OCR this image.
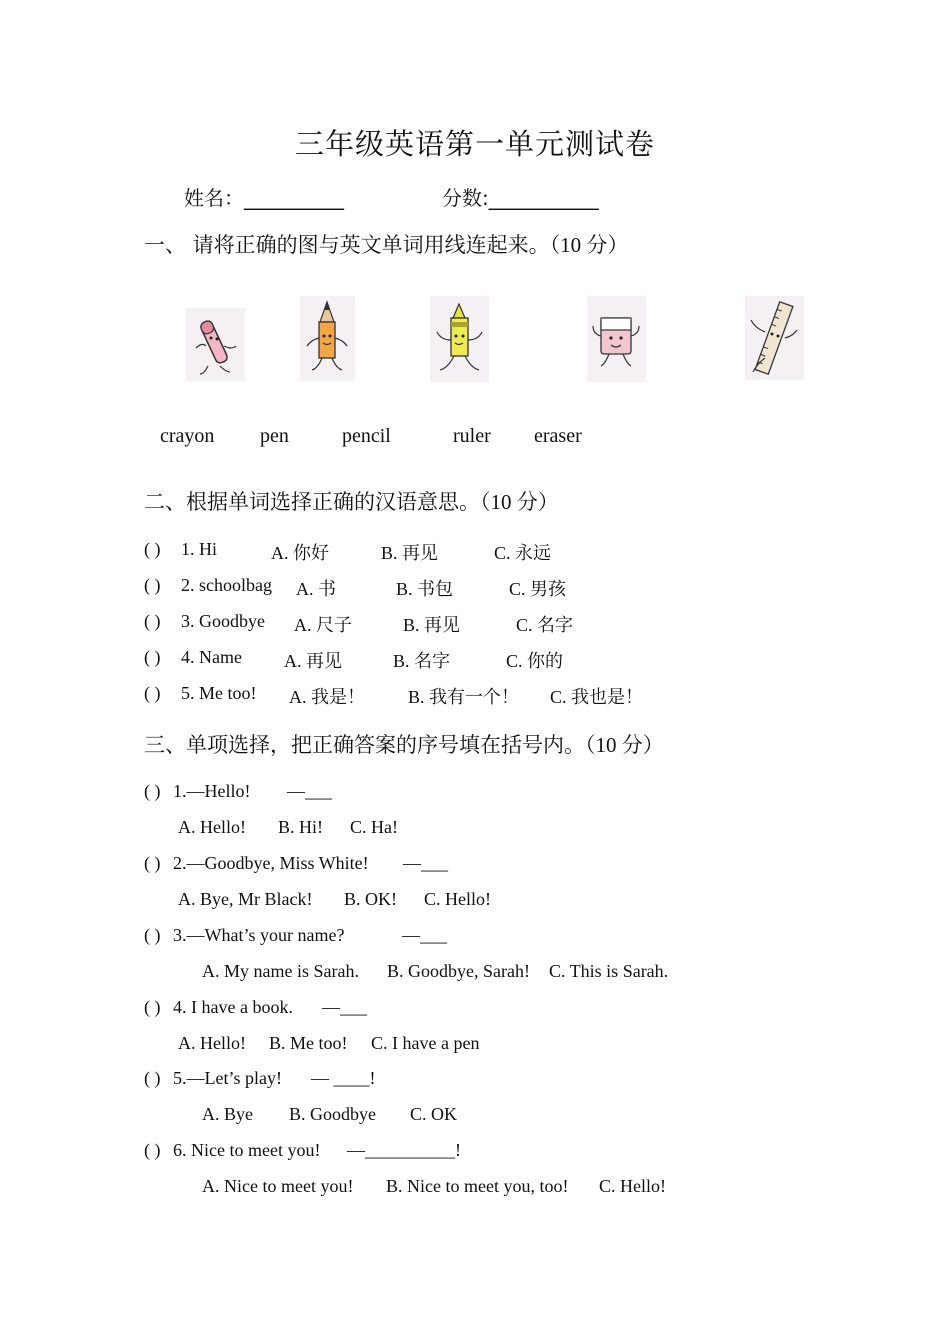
三年级英语第一单元测试卷
姓名：__________	分数:___________
一、 请将正确的图与英文单词用线连起来。（10 分）
crayon pen	pencil	ruler eraser
二、根据单词选择正确的汉语意思。（10 分）
( ) 1. Hi	A. 你好	B. 再见	C. 永远
( ) 2. schoolbag A. 书	B. 书包	C. 男孩
( ) 3. Goodbye A. 尺子	B. 再见	C. 名字
( ) 4. Name A. 再见	B. 名字	C. 你的
( ) 5. Me too! A. 我是！ B. 我有一个！ C. 我也是！
三、单项选择，把正确答案的序号填在括号内。（10 分）
( ) 1.—Hello! —___
A. Hello! B. Hi! C. Ha!
( ) 2.—Goodbye, Miss White! —___
A. Bye, Mr Black! B. OK! C. Hello!
( ) 3.—What’s your name?	—___
A. My name is Sarah. B. Goodbye, Sarah! C. This is Sarah.
( ) 4. I have a book. —___
A. Hello! B. Me too! C. I have a pen
( ) 5.—Let’s play! — ____!
A. Bye B. Goodbye C. OK
( ) 6. Nice to meet you! —__________!
A. Nice to meet you! B. Nice to meet you, too! C. Hello!
